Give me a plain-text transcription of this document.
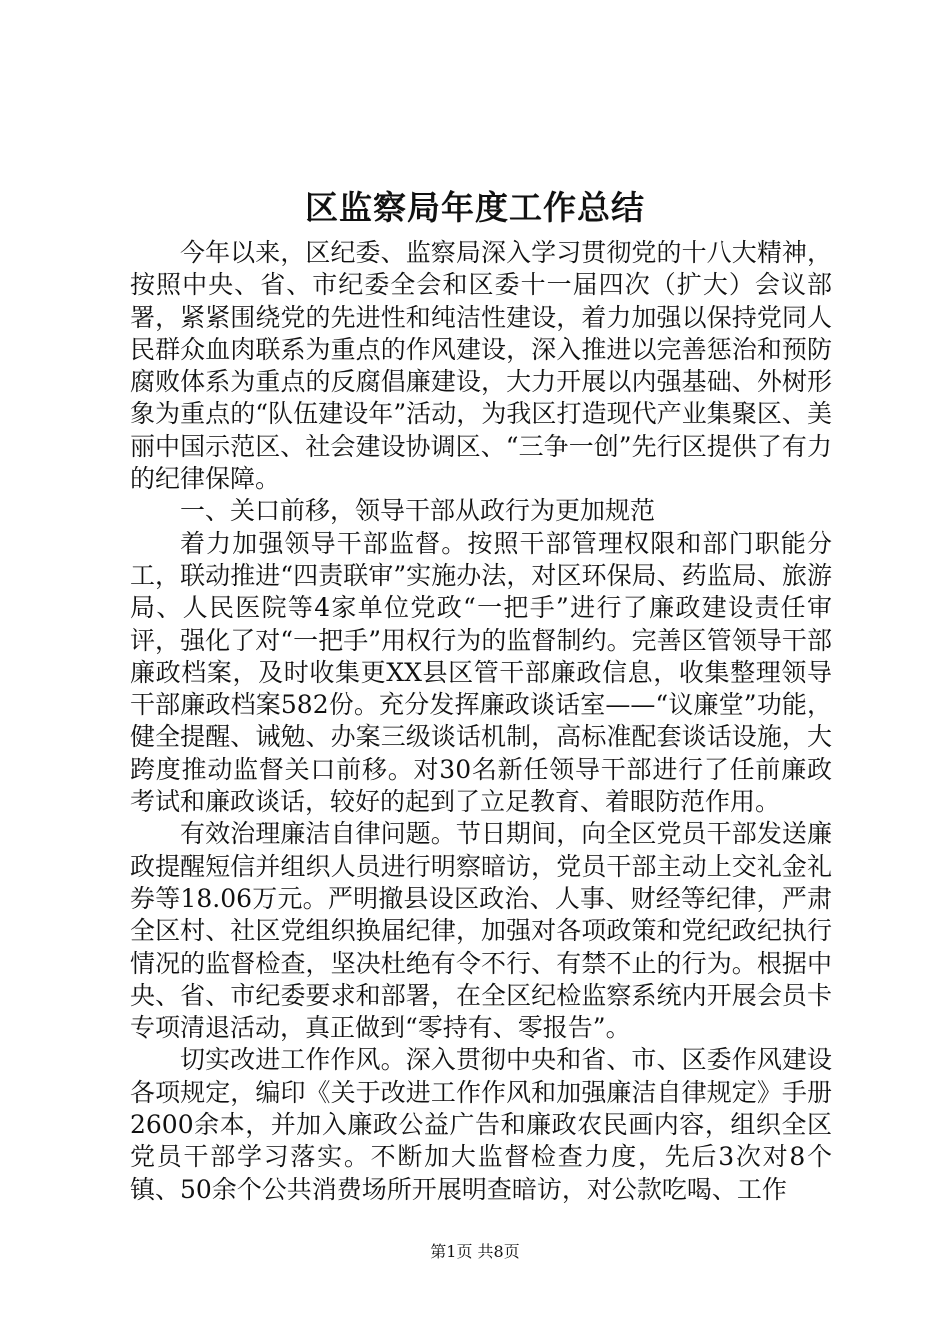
区监察局年度工作总结

今年以来，区纪委、监察局深入学习贯彻党的十八大精神，按照中央、省、市纪委全会和区委十一届四次（扩大）会议部署，紧紧围绕党的先进性和纯洁性建设，着力加强以保持党同人民群众血肉联系为重点的作风建设，深入推进以完善惩治和预防腐败体系为重点的反腐倡廉建设，大力开展以内强基础、外树形象为重点的“队伍建设年”活动，为我区打造现代产业集聚区、美丽中国示范区、社会建设协调区、“三争一创”先行区提供了有力的纪律保障。

一、关口前移，领导干部从政行为更加规范

着力加强领导干部监督。按照干部管理权限和部门职能分工，联动推进“四责联审”实施办法，对区环保局、药监局、旅游局、人民医院等4家单位党政“一把手”进行了廉政建设责任审评，强化了对“一把手”用权行为的监督制约。完善区管领导干部廉政档案，及时收集更XX县区管干部廉政信息，收集整理领导干部廉政档案582份。充分发挥廉政谈话室——“议廉堂”功能，健全提醒、诫勉、办案三级谈话机制，高标准配套谈话设施，大跨度推动监督关口前移。对30名新任领导干部进行了任前廉政考试和廉政谈话，较好的起到了立足教育、着眼防范作用。

有效治理廉洁自律问题。节日期间，向全区党员干部发送廉政提醒短信并组织人员进行明察暗访，党员干部主动上交礼金礼券等18.06万元。严明撤县设区政治、人事、财经等纪律，严肃全区村、社区党组织换届纪律，加强对各项政策和党纪政纪执行情况的监督检查，坚决杜绝有令不行、有禁不止的行为。根据中央、省、市纪委要求和部署，在全区纪检监察系统内开展会员卡专项清退活动，真正做到“零持有、零报告”。

切实改进工作作风。深入贯彻中央和省、市、区委作风建设各项规定，编印《关于改进工作作风和加强廉洁自律规定》手册2600余本，并加入廉政公益广告和廉政农民画内容，组织全区党员干部学习落实。不断加大监督检查力度，先后3次对8个镇、50余个公共消费场所开展明查暗访，对公款吃喝、工作

第1页 共8页
